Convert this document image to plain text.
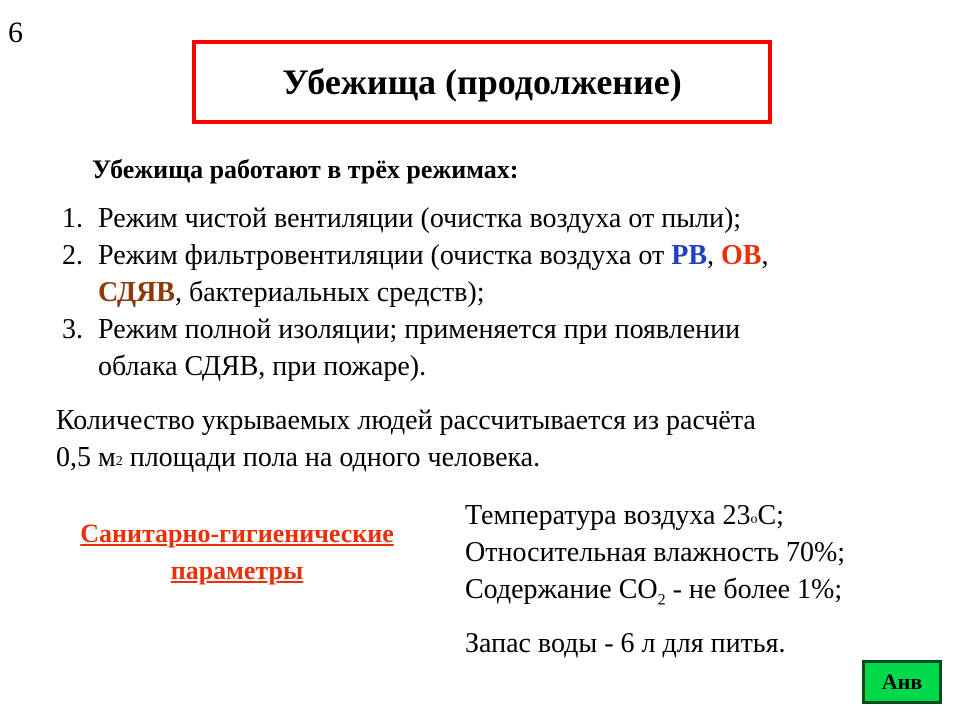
6
Убежища (продолжение)
Убежища работают в трёх режимах:
1. Режим чистой вентиляции (очистка воздуха от пыли);
2. Режим фильтровентиляции (очистка воздуха от РВ, ОВ,
СДЯВ, бактериальных средств);
3. Режим полной изоляции; применяется при появлении
облака СДЯВ, при пожаре).
Количество укрываемых людей рассчитывается из расчёта
0,5 $м^2$ площади пола на одного человека.
Санитарно-гигиенические
параметры
Температура воздуха $23^оС$;
Относительная влажность 70%;
Содержание $СО_2$ - не более 1%;
Запас воды - 6 л для питья.
Анв
